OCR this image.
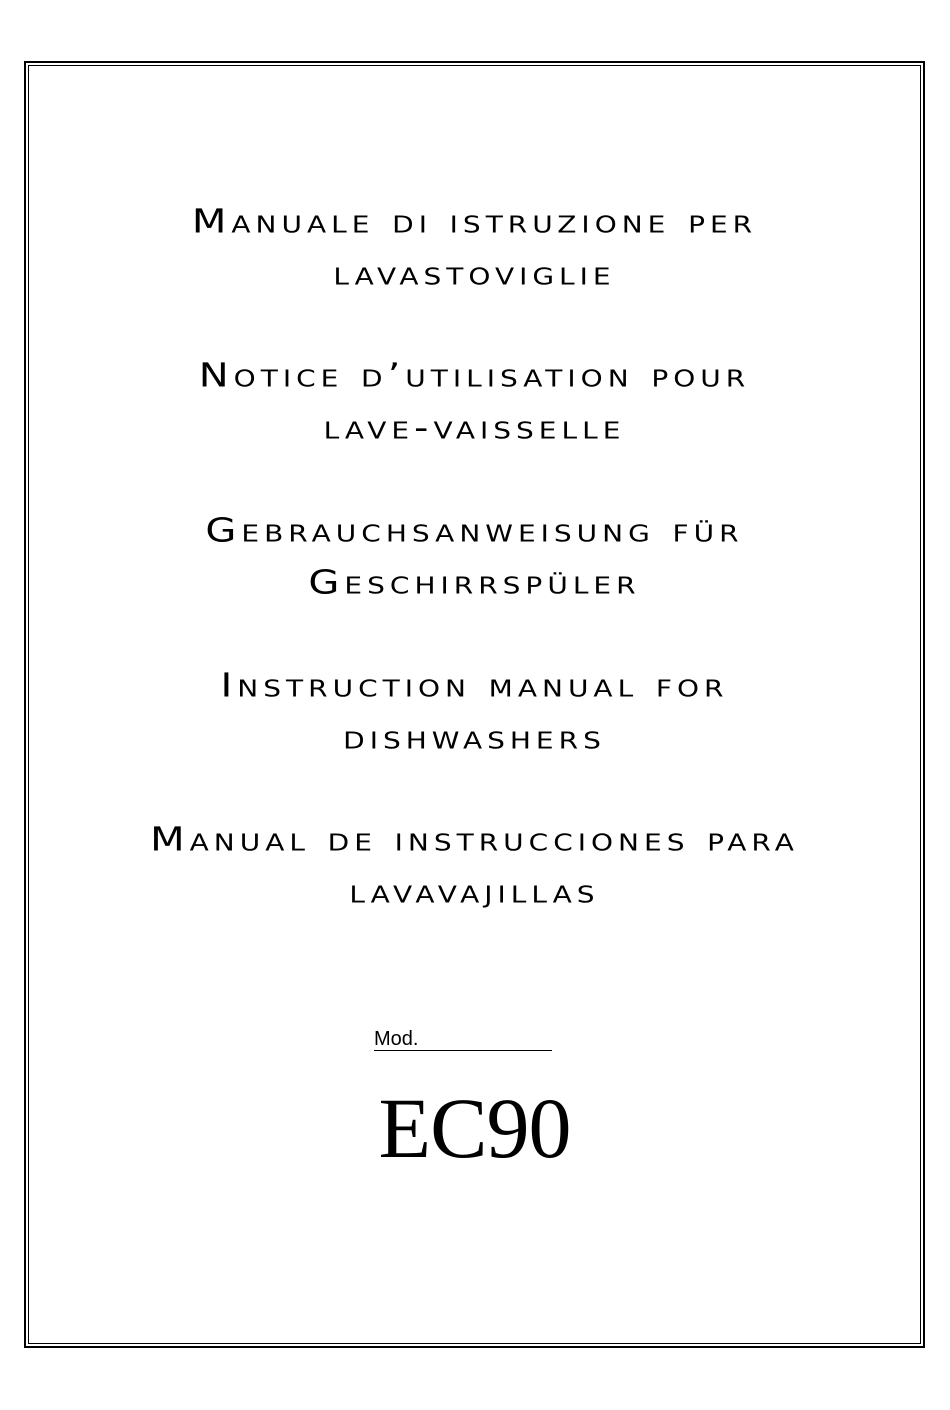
Manuale di istruzione per
lavastoviglie
Notice d’utilisation pour
lave-vaisselle
Gebrauchsanweisung für
Geschirrspüler
Instruction manual for
dishwashers
Manual de instrucciones para
lavavajillas
Mod.
EC90
